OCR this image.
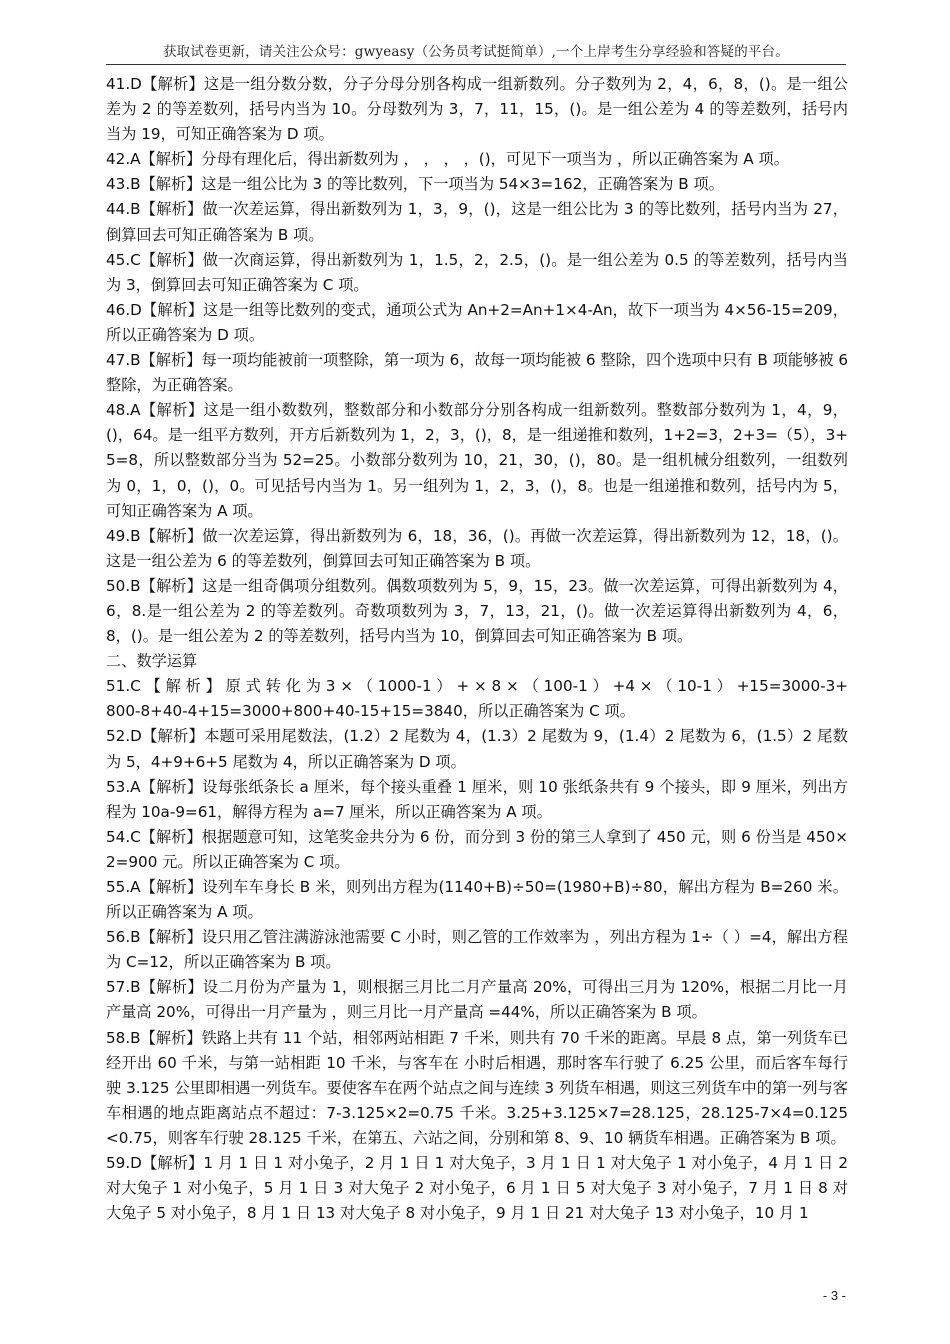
获取试卷更新，请关注公众号：gwyeasy（公务员考试挺简单）,一个上岸考生分享经验和答疑的平台。

41.D【解析】这是一组分数分数，分子分母分别各构成一组新数列。分子数列为 2，4，6，8，()。是一组公差为 2 的等差数列，括号内当为 10。分母数列为 3，7，11，15，()。是一组公差为 4 的等差数列，括号内当为 19，可知正确答案为 D 项。

42.A【解析】分母有理化后，得出新数列为 ， ， ， ，()，可见下一项当为 ，所以正确答案为 A 项。

43.B【解析】这是一组公比为 3 的等比数列，下一项当为 54×3=162，正确答案为 B 项。

44.B【解析】做一次差运算，得出新数列为 1，3，9，()，这是一组公比为 3 的等比数列，括号内当为 27，倒算回去可知正确答案为 B 项。

45.C【解析】做一次商运算，得出新数列为 1，1.5，2，2.5，()。是一组公差为 0.5 的等差数列，括号内当为 3，倒算回去可知正确答案为 C 项。

46.D【解析】这是一组等比数列的变式，通项公式为 An+2=An+1×4-An，故下一项当为 4×56-15=209，所以正确答案为 D 项。

47.B【解析】每一项均能被前一项整除，第一项为 6，故每一项均能被 6 整除，四个选项中只有 B 项能够被 6 整除，为正确答案。

48.A【解析】这是一组小数数列，整数部分和小数部分分别各构成一组新数列。整数部分数列为 1，4，9，()，64。是一组平方数列，开方后新数列为 1，2，3，()，8，是一组递推和数列，1+2=3，2+3=（5），3+5=8，所以整数部分当为 52=25。小数部分数列为 10，21，30，()，80。是一组机械分组数列，一组数列为 0，1，0，()，0。可见括号内当为 1。另一组列为 1，2，3，()，8。也是一组递推和数列，括号内为 5，可知正确答案为 A 项。

49.B【解析】做一次差运算，得出新数列为 6，18，36，()。再做一次差运算，得出新数列为 12，18，()。这是一组公差为 6 的等差数列，倒算回去可知正确答案为 B 项。

50.B【解析】这是一组奇偶项分组数列。偶数项数列为 5，9，15，23。做一次差运算，可得出新数列为 4，6，8.是一组公差为 2 的等差数列。奇数项数列为 3，7，13，21，()。做一次差运算得出新数列为 4，6，8，()。是一组公差为 2 的等差数列，括号内当为 10，倒算回去可知正确答案为 B 项。

二、数学运算

51.C 【 解 析 】 原 式 转 化 为 3 × （ 1000-1 ） + × 8 × （ 100-1 ） +4 × （ 10-1 ） +15=3000-3+800-8+40-4+15=3000+800+40-15+15=3840，所以正确答案为 C 项。

52.D【解析】本题可采用尾数法，(1.2）2 尾数为 4，(1.3）2 尾数为 9，(1.4）2 尾数为 6，(1.5）2 尾数为 5，4+9+6+5 尾数为 4，所以正确答案为 D 项。

53.A【解析】设每张纸条长 a 厘米，每个接头重叠 1 厘米，则 10 张纸条共有 9 个接头，即 9 厘米，列出方程为 10a-9=61，解得方程为 a=7 厘米，所以正确答案为 A 项。

54.C【解析】根据题意可知，这笔奖金共分为 6 份，而分到 3 份的第三人拿到了 450 元，则 6 份当是 450×2=900 元。所以正确答案为 C 项。

55.A【解析】设列车车身长 B 米，则列出方程为(1140+B)÷50=(1980+B)÷80，解出方程为 B=260 米。所以正确答案为 A 项。

56.B【解析】设只用乙管注满游泳池需要 C 小时，则乙管的工作效率为 ，列出方程为 1÷（ ）=4，解出方程为 C=12，所以正确答案为 B 项。

57.B【解析】设二月份为产量为 1，则根据三月比二月产量高 20%，可得出三月为 120%，根据二月比一月产量高 20%，可得出一月产量为 ，则三月比一月产量高 =44%，所以正确答案为 B 项。

58.B【解析】铁路上共有 11 个站，相邻两站相距 7 千米，则共有 70 千米的距离。早晨 8 点，第一列货车已经开出 60 千米，与第一站相距 10 千米，与客车在 小时后相遇，那时客车行驶了 6.25 公里，而后客车每行驶 3.125 公里即相遇一列货车。要使客车在两个站点之间与连续 3 列货车相遇，则这三列货车中的第一列与客车相遇的地点距离站点不超过：7-3.125×2=0.75 千米。3.25+3.125×7=28.125，28.125-7×4=0.125<0.75，则客车行驶 28.125 千米，在第五、六站之间，分别和第 8、9、10 辆货车相遇。正确答案为 B 项。

59.D【解析】1 月 1 日 1 对小兔子，2 月 1 日 1 对大兔子，3 月 1 日 1 对大兔子 1 对小兔子，4 月 1 日 2 对大兔子 1 对小兔子，5 月 1 日 3 对大兔子 2 对小兔子，6 月 1 日 5 对大兔子 3 对小兔子，7 月 1 日 8 对大兔子 5 对小兔子，8 月 1 日 13 对大兔子 8 对小兔子，9 月 1 日 21 对大兔子 13 对小兔子，10 月 1

- 3 -
